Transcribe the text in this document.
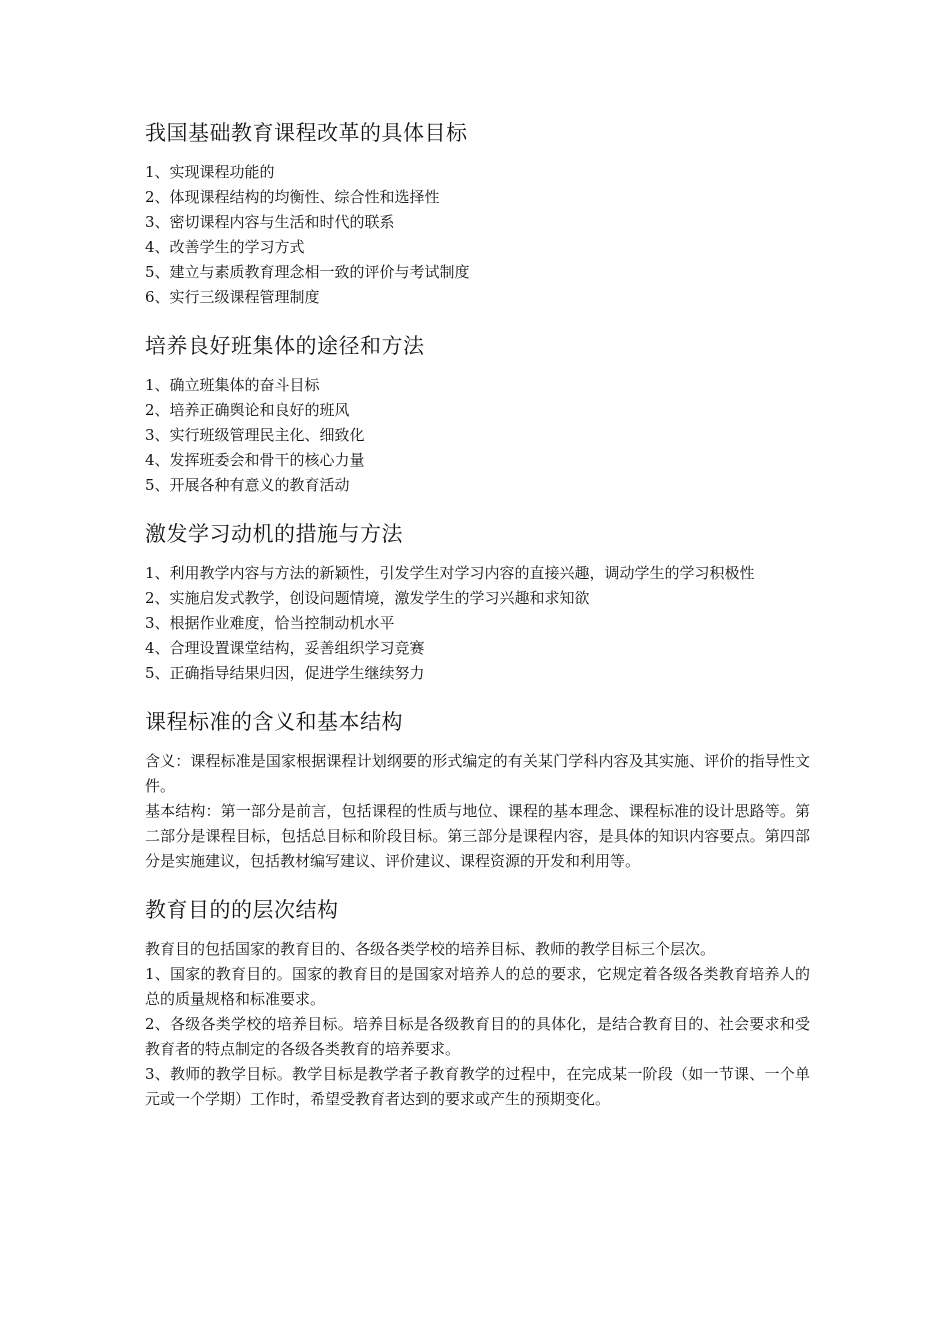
我国基础教育课程改革的具体目标

1、实现课程功能的

2、体现课程结构的均衡性、综合性和选择性

3、密切课程内容与生活和时代的联系

4、改善学生的学习方式

5、建立与素质教育理念相一致的评价与考试制度

6、实行三级课程管理制度

培养良好班集体的途径和方法

1、确立班集体的奋斗目标

2、培养正确舆论和良好的班风

3、实行班级管理民主化、细致化

4、发挥班委会和骨干的核心力量

5、开展各种有意义的教育活动

激发学习动机的措施与方法

1、利用教学内容与方法的新颖性，引发学生对学习内容的直接兴趣，调动学生的学习积极性

2、实施启发式教学，创设问题情境，激发学生的学习兴趣和求知欲

3、根据作业难度，恰当控制动机水平

4、合理设置课堂结构，妥善组织学习竞赛

5、正确指导结果归因，促进学生继续努力

课程标准的含义和基本结构

含义：课程标准是国家根据课程计划纲要的形式编定的有关某门学科内容及其实施、评价的指导性文件。

基本结构：第一部分是前言，包括课程的性质与地位、课程的基本理念、课程标准的设计思路等。第二部分是课程目标，包括总目标和阶段目标。第三部分是课程内容，是具体的知识内容要点。第四部分是实施建议，包括教材编写建议、评价建议、课程资源的开发和利用等。

教育目的的层次结构

教育目的包括国家的教育目的、各级各类学校的培养目标、教师的教学目标三个层次。

1、国家的教育目的。国家的教育目的是国家对培养人的总的要求，它规定着各级各类教育培养人的总的质量规格和标准要求。

2、各级各类学校的培养目标。培养目标是各级教育目的的具体化，是结合教育目的、社会要求和受教育者的特点制定的各级各类教育的培养要求。

3、教师的教学目标。教学目标是教学者子教育教学的过程中，在完成某一阶段（如一节课、一个单元或一个学期）工作时，希望受教育者达到的要求或产生的预期变化。
